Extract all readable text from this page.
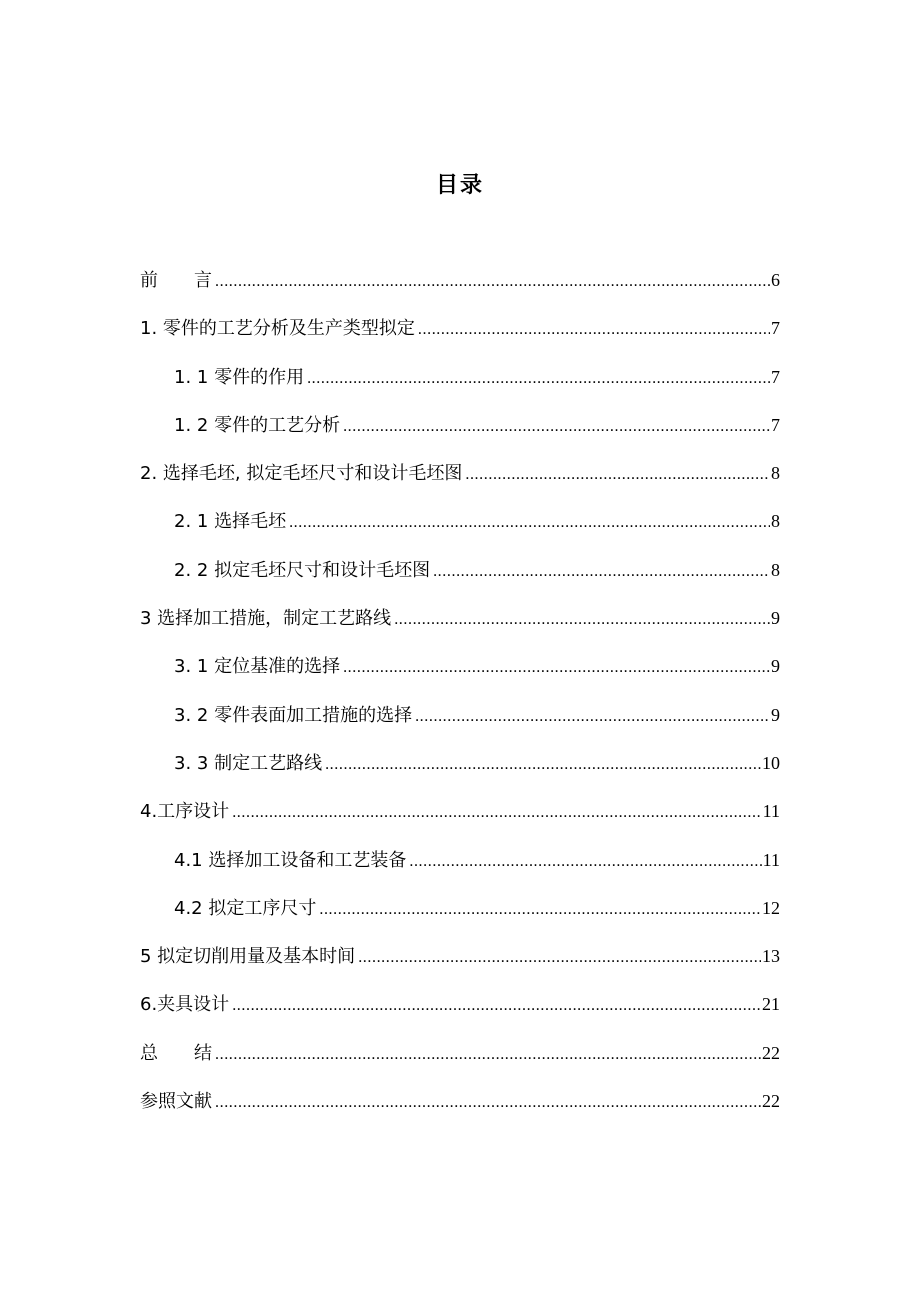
目录
前　　言 .....	6
1. 零件的工艺分析及生产类型拟定 .....	7
1. 1 零件的作用 .....	7
1. 2 零件的工艺分析 .....	7
2. 选择毛坯, 拟定毛坯尺寸和设计毛坯图 .....	8
2. 1 选择毛坯 .....	8
2. 2 拟定毛坯尺寸和设计毛坯图 .....	8
3 选择加工措施，制定工艺路线 .....	9
3. 1 定位基准的选择 .....	9
3. 2 零件表面加工措施的选择 .....	9
3. 3 制定工艺路线 .....	10
4.工序设计 .....	11
4.1 选择加工设备和工艺装备 .....	11
4.2 拟定工序尺寸 .....	12
5 拟定切削用量及基本时间 .....	13
6.夹具设计 .....	21
总　　结 .....	22
参照文献 .....	22
